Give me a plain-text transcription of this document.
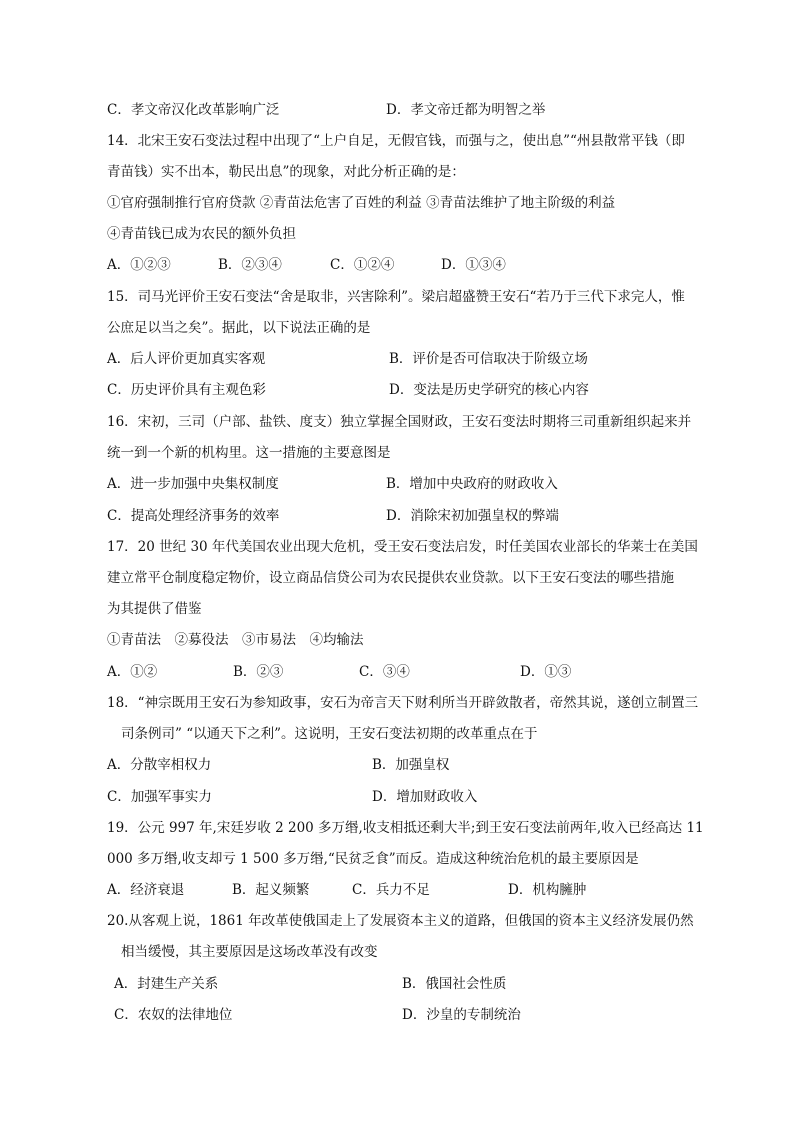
C．孝文帝汉化改革影响广泛	D．孝文帝迁都为明智之举
14．北宋王安石变法过程中出现了“上户自足，无假官钱，而强与之，使出息”“州县散常平钱（即
青苗钱）实不出本，勒民出息”的现象，对此分析正确的是：
①官府强制推行官府贷款 ②青苗法危害了百姓的利益 ③青苗法维护了地主阶级的利益
④青苗钱已成为农民的额外负担
A．①②③	B．②③④	C．①②④	D．①③④
15．司马光评价王安石变法“舍是取非，兴害除利”。梁启超盛赞王安石“若乃于三代下求完人，惟
公庶足以当之矣”。据此，以下说法正确的是
A．后人评价更加真实客观	B．评价是否可信取决于阶级立场
C．历史评价具有主观色彩	D．变法是历史学研究的核心内容
16．宋初，三司（户部、盐铁、度支）独立掌握全国财政，王安石变法时期将三司重新组织起来并
统一到一个新的机构里。这一措施的主要意图是
A．进一步加强中央集权制度	B．增加中央政府的财政收入
C．提高处理经济事务的效率	D．消除宋初加强皇权的弊端
17．20 世纪 30 年代美国农业出现大危机，受王安石变法启发，时任美国农业部长的华莱士在美国
建立常平仓制度稳定物价，设立商品信贷公司为农民提供农业贷款。以下王安石变法的哪些措施
为其提供了借鉴
①青苗法　②募役法　③市易法　④均输法
A．①②	B．②③	C．③④	D．①③
18．“神宗既用王安石为参知政事，安石为帝言天下财利所当开辟敛散者，帝然其说，遂创立制置三
司条例司” “以通天下之利”。这说明，王安石变法初期的改革重点在于
A．分散宰相权力	B．加强皇权
C．加强军事实力	D．增加财政收入
19．公元 997 年,宋廷岁收 2 200 多万缗,收支相抵还剩大半;到王安石变法前两年,收入已经高达 11
000 多万缗,收支却亏 1 500 多万缗,“民贫乏食”而反。造成这种统治危机的最主要原因是
A．经济衰退	B．起义频繁	C．兵力不足	D．机构臃肿
20.从客观上说，1861 年改革使俄国走上了发展资本主义的道路，但俄国的资本主义经济发展仍然
相当缓慢，其主要原因是这场改革没有改变
A．封建生产关系	B．俄国社会性质
C．农奴的法律地位	D．沙皇的专制统治
